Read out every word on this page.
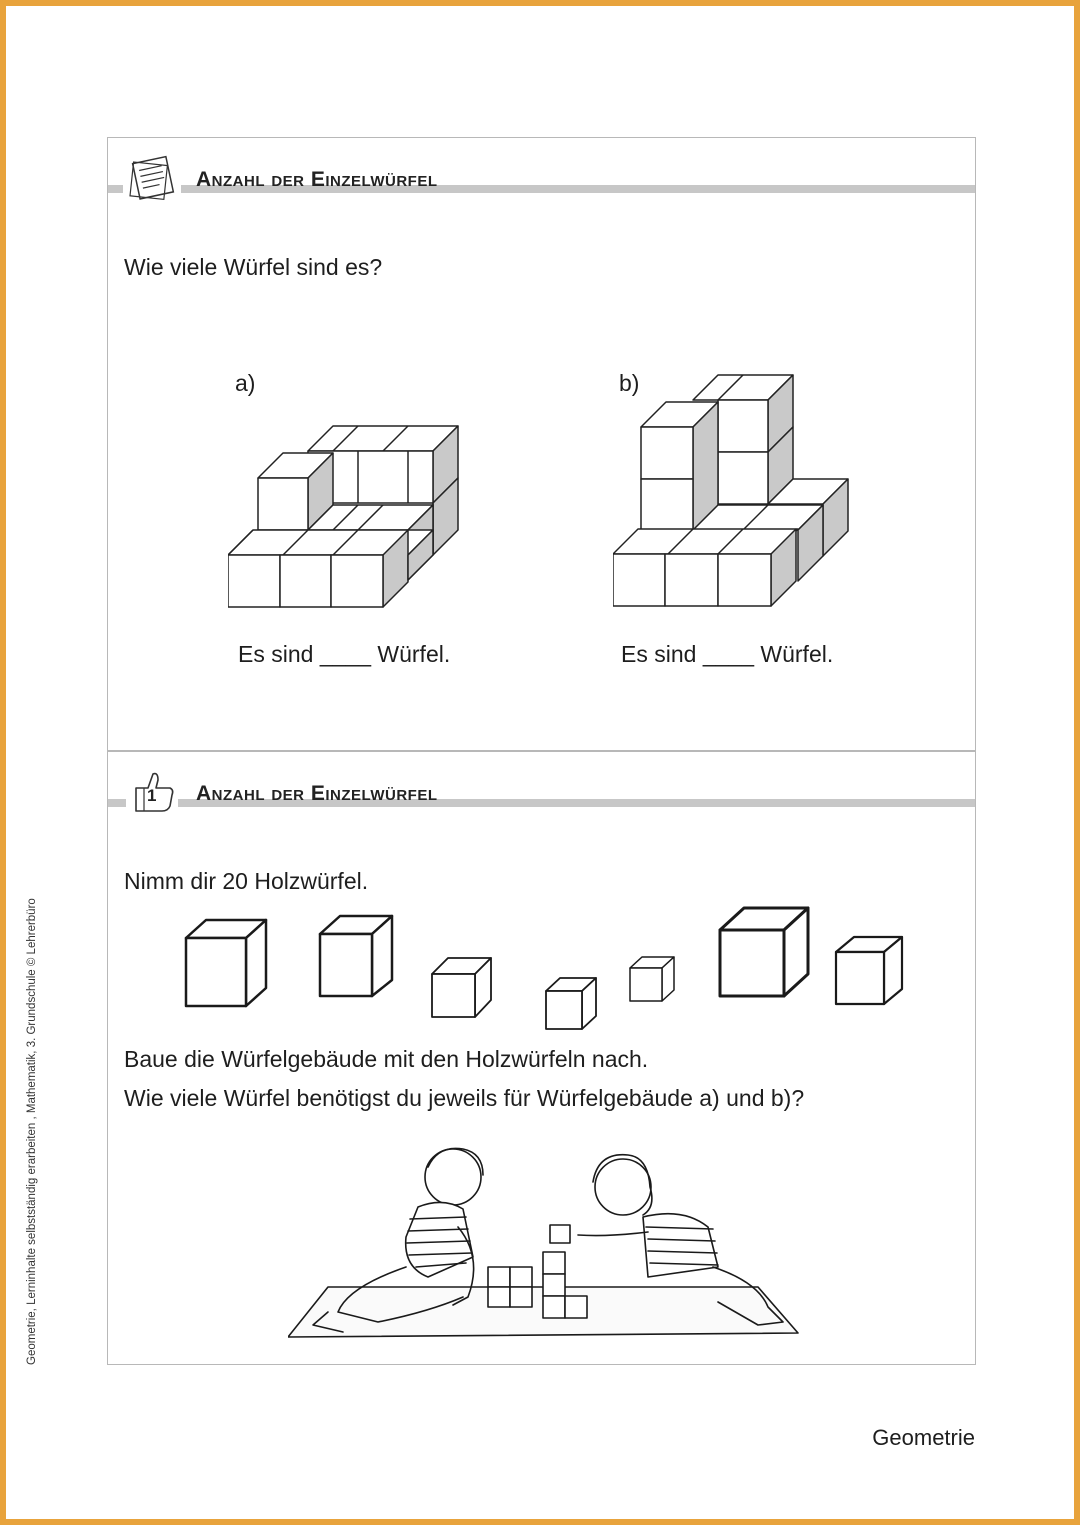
Anzahl der Einzelwürfel
Wie viele Würfel sind es?
a)	b)
Es sind ____ Würfel.	Es sind ____ Würfel.
1 Anzahl der Einzelwürfel
Nimm dir 20 Holzwürfel.
Baue die Würfelgebäude mit den Holzwürfeln nach.
Wie viele Würfel benötigst du jeweils für Würfelgebäude a) und b)?
Geometrie, Lerninhalte selbstständig erarbeiten , Mathematik, 3. Grundschule © Lehrerbüro
Geometrie
